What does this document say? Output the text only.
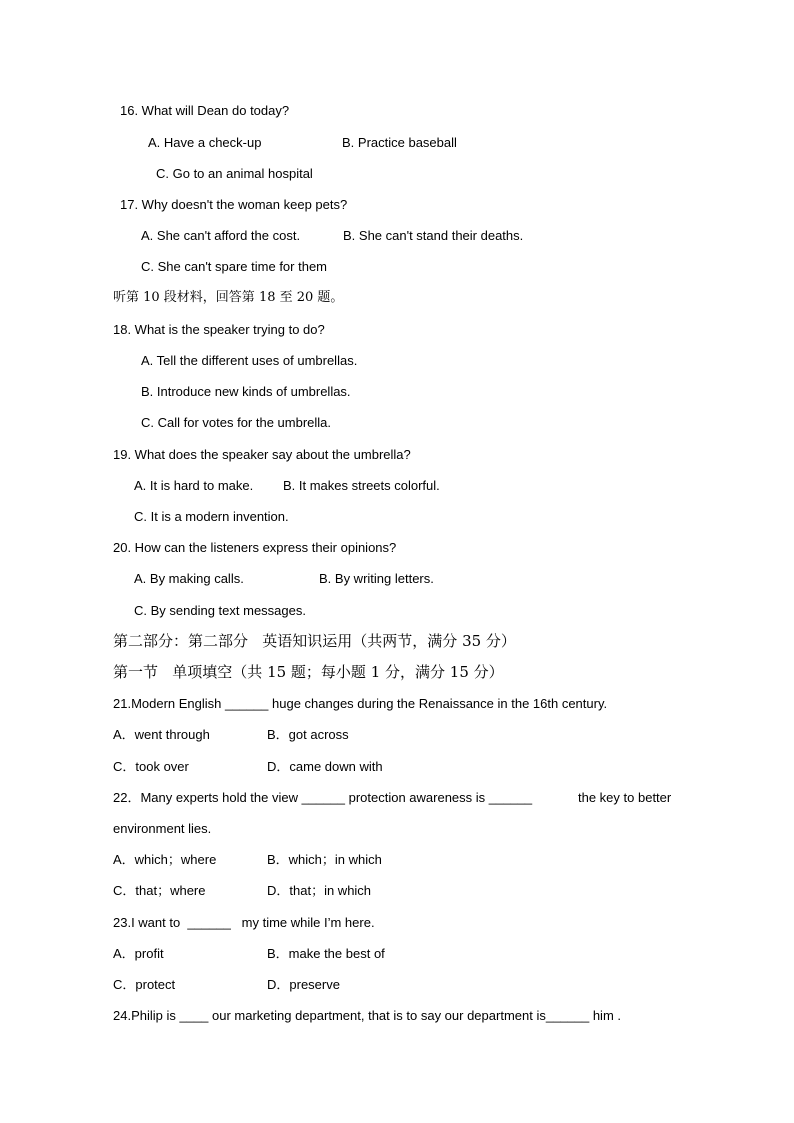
16. What will Dean do today?
A. Have a check-up	B. Practice baseball
C. Go to an animal hospital
17. Why doesn't the woman keep pets?
A. She can't afford the cost.	B. She can't stand their deaths.
C. She can't spare time for them
听第 10 段材料，回答第 18 至 20 题。
18. What is the speaker trying to do?
A. Tell the different uses of umbrellas.
B. Introduce new kinds of umbrellas.
C. Call for votes for the umbrella.
19. What does the speaker say about the umbrella?
A. It is hard to make. B. It makes streets colorful.
C. It is a modern invention.
20. How can the listeners express their opinions?
A. By making calls.	B. By writing letters.
C. By sending text messages.
第二部分：第二部分   英语知识运用（共两节，满分 35 分）
第一节   单项填空（共 15 题；每小题 1 分，满分 15 分）
21.Modern English ______ huge changes during the Renaissance in the 16th century.
A．went through	B．got across
C．took over	D．came down with
22．Many experts hold the view ______ protection awareness is ______	the key to better
environment lies.
A．which；where	B．which；in which
C．that；where	D．that；in which
23.I want to  ______   my time while I’m here.
A．profit	B．make the best of
C．protect	D．preserve
24.Philip is ____ our marketing department, that is to say our department is______ him .
